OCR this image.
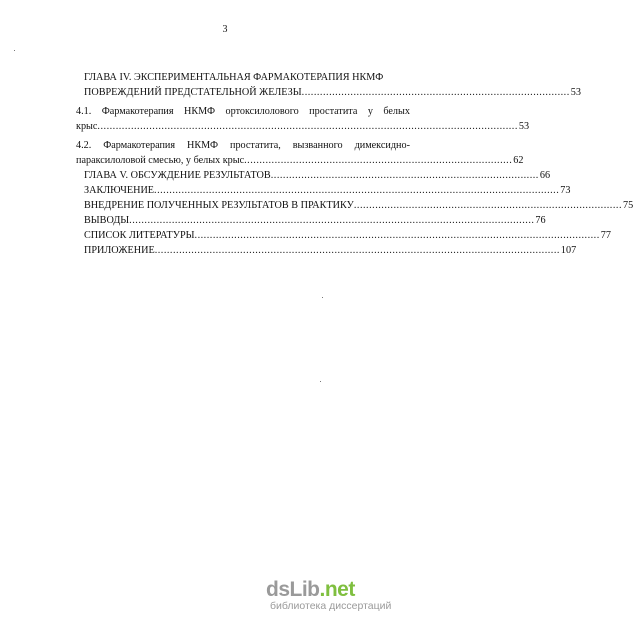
3
ГЛАВА IV. ЭКСПЕРИМЕНТАЛЬНАЯ ФАРМАКОТЕРАПИЯ НКМФ
ПОВРЕЖДЕНИЙ ПРЕДСТАТЕЛЬНОЙ ЖЕЛЕЗЫ ........................................................................................ 53
4.1. Фармакотерапия НКМФ ортоксилолового простатита у белых
крыс .......................................................................................................................................... 53
4.2. Фармакотерапия НКМФ простатита, вызванного димексидно-
параксилоловой смесью, у белых крыс ........................................................................................ 62
ГЛАВА V. ОБСУЖДЕНИЕ РЕЗУЛЬТАТОВ ........................................................................................ 66
ЗАКЛЮЧЕНИЕ ..................................................................................................................................... 73
ВНЕДРЕНИЕ ПОЛУЧЕННЫХ РЕЗУЛЬТАТОВ В ПРАКТИКУ ........................................................................................ 75
ВЫВОДЫ ..................................................................................................................................... 76
СПИСОК ЛИТЕРАТУРЫ ..................................................................................................................................... 77
ПРИЛОЖЕНИЕ ..................................................................................................................................... 107
dsLib .net
библиотека диссертаций
